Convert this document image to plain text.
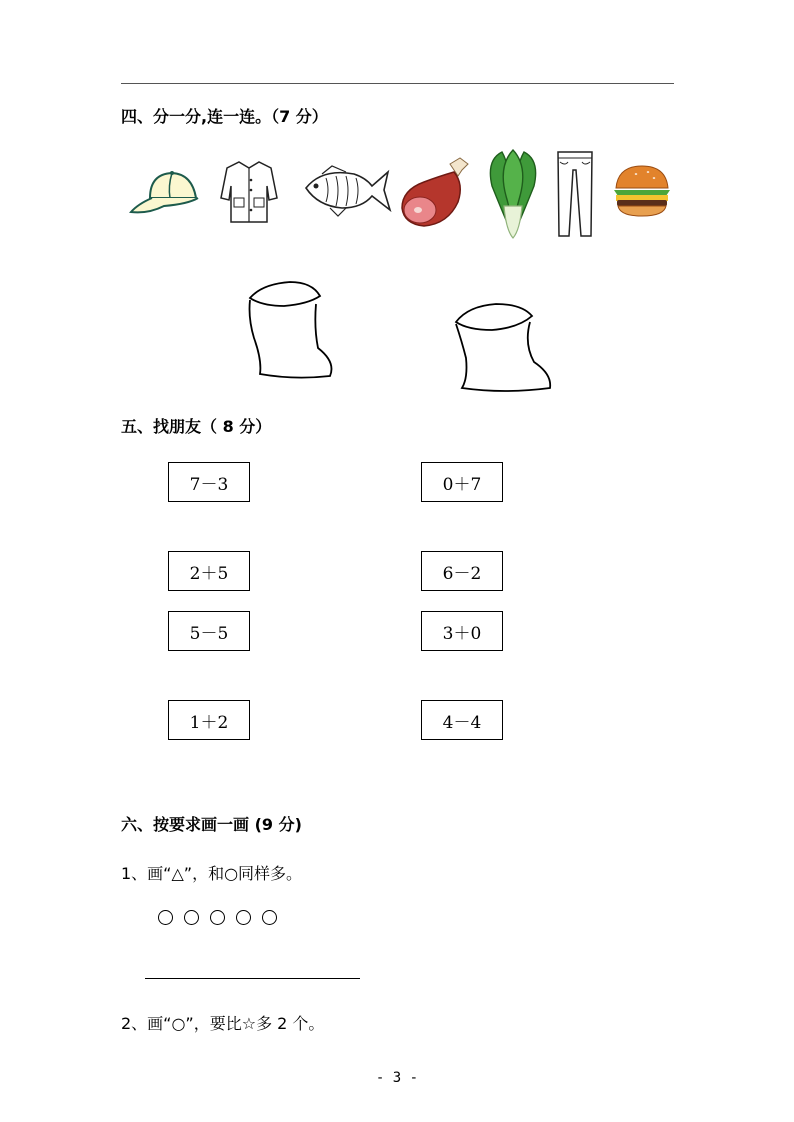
四、分一分,连一连。（7 分）
五、找朋友（ 8 分）
7－3
2＋5
5－5
1＋2
0＋7
6－2
3＋0
4－4
六、按要求画一画 (9 分)
1、画“△”，和○同样多。
2、画“○”，要比☆多 2 个。
- 3 -
